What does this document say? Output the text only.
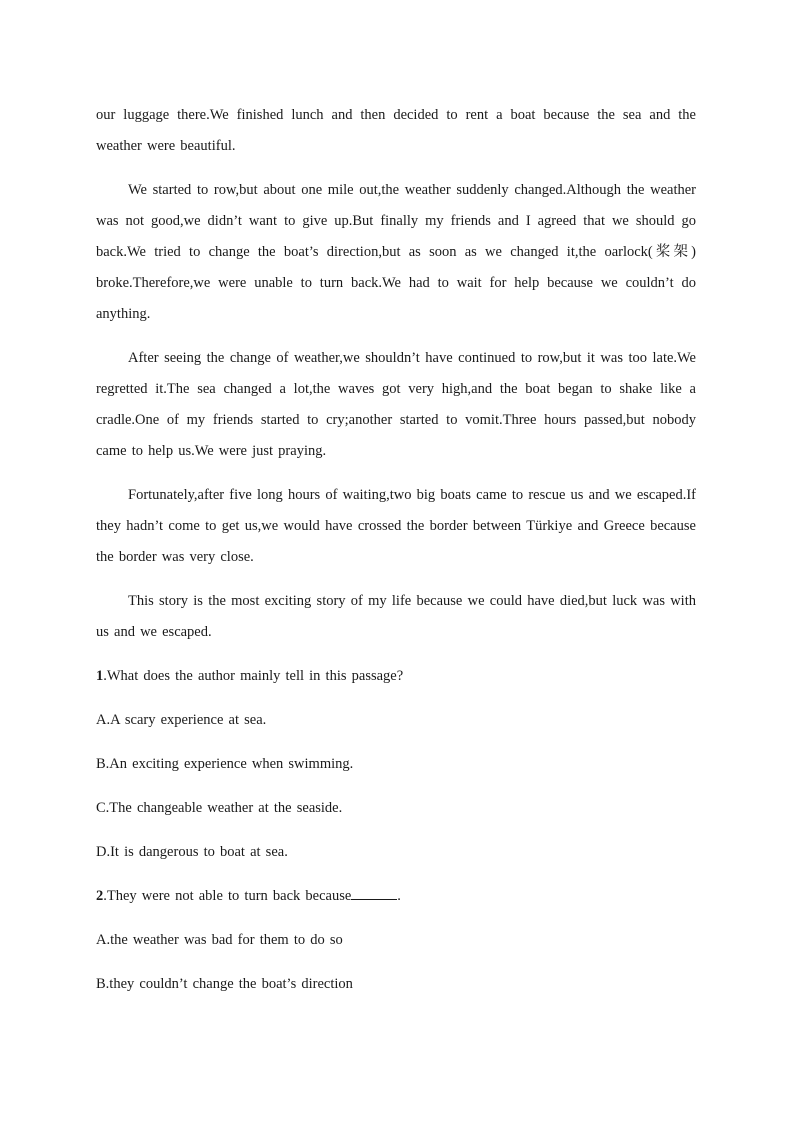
our luggage there.We finished lunch and then decided to rent a boat because the sea and the weather were beautiful.

We started to row,but about one mile out,the weather suddenly changed.Although the weather was not good,we didn’t want to give up.But finally my friends and I agreed that we should go back.We tried to change the boat’s direction,but as soon as we changed it,the oarlock(桨架) broke.Therefore,we were unable to turn back.We had to wait for help because we couldn’t do anything.

After seeing the change of weather,we shouldn’t have continued to row,but it was too late.We regretted it.The sea changed a lot,the waves got very high,and the boat began to shake like a cradle.One of my friends started to cry;another started to vomit.Three hours passed,but nobody came to help us.We were just praying.

Fortunately,after five long hours of waiting,two big boats came to rescue us and we escaped.If they hadn’t come to get us,we would have crossed the border between Türkiye and Greece because the border was very close.

This story is the most exciting story of my life because we could have died,but luck was with us and we escaped.

1.What does the author mainly tell in this passage?

A.A scary experience at sea.

B.An exciting experience when swimming.

C.The changeable weather at the seaside.

D.It is dangerous to boat at sea.

2.They were not able to turn back because	.

A.the weather was bad for them to do so

B.they couldn’t change the boat’s direction
